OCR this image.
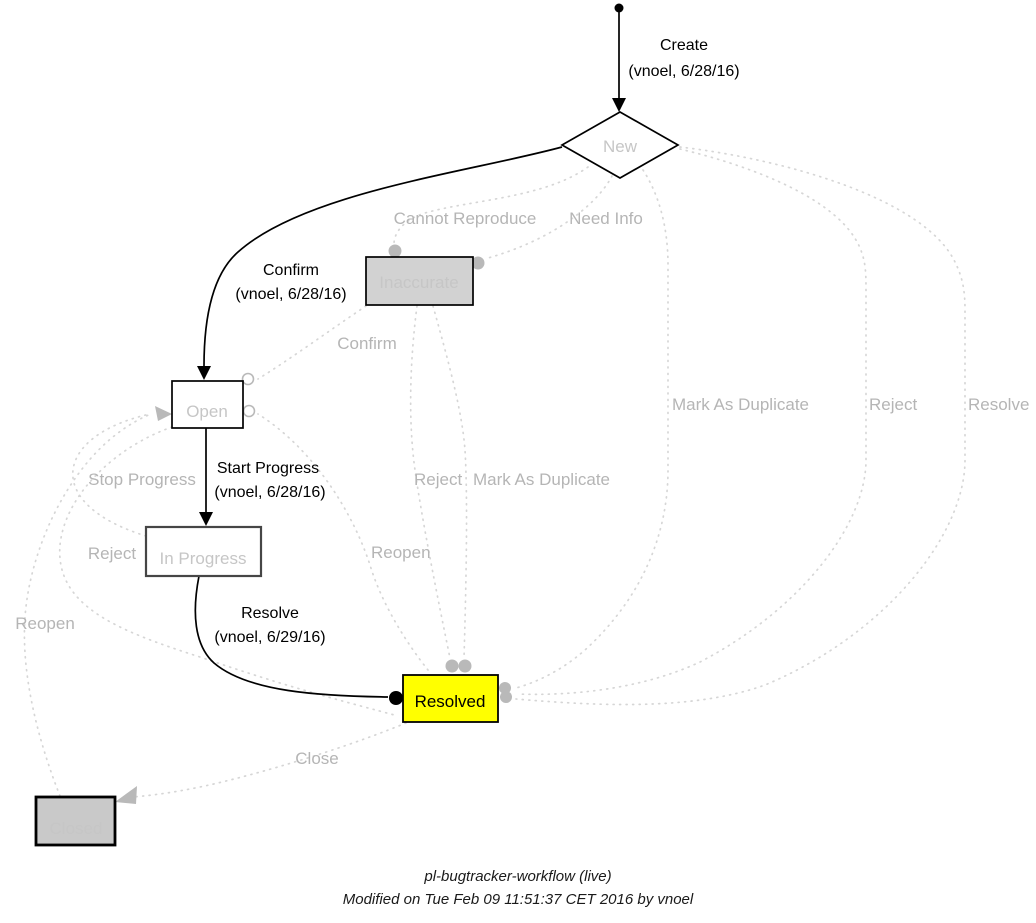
New
Inaccurate
Open
In Progress
Resolved
Closed
Create
(vnoel, 6/28/16)
Confirm
(vnoel, 6/28/16)
Start Progress
(vnoel, 6/28/16)
Resolve
(vnoel, 6/29/16)
Cannot Reproduce Need Info
Confirm
Mark As Duplicate	Reject	Resolve
Reject Mark As Duplicate
Stop Progress
Reject	Reopen
Reopen
Close
pl-bugtracker-workflow (live)
Modified on Tue Feb 09 11:51:37 CET 2016 by vnoel
